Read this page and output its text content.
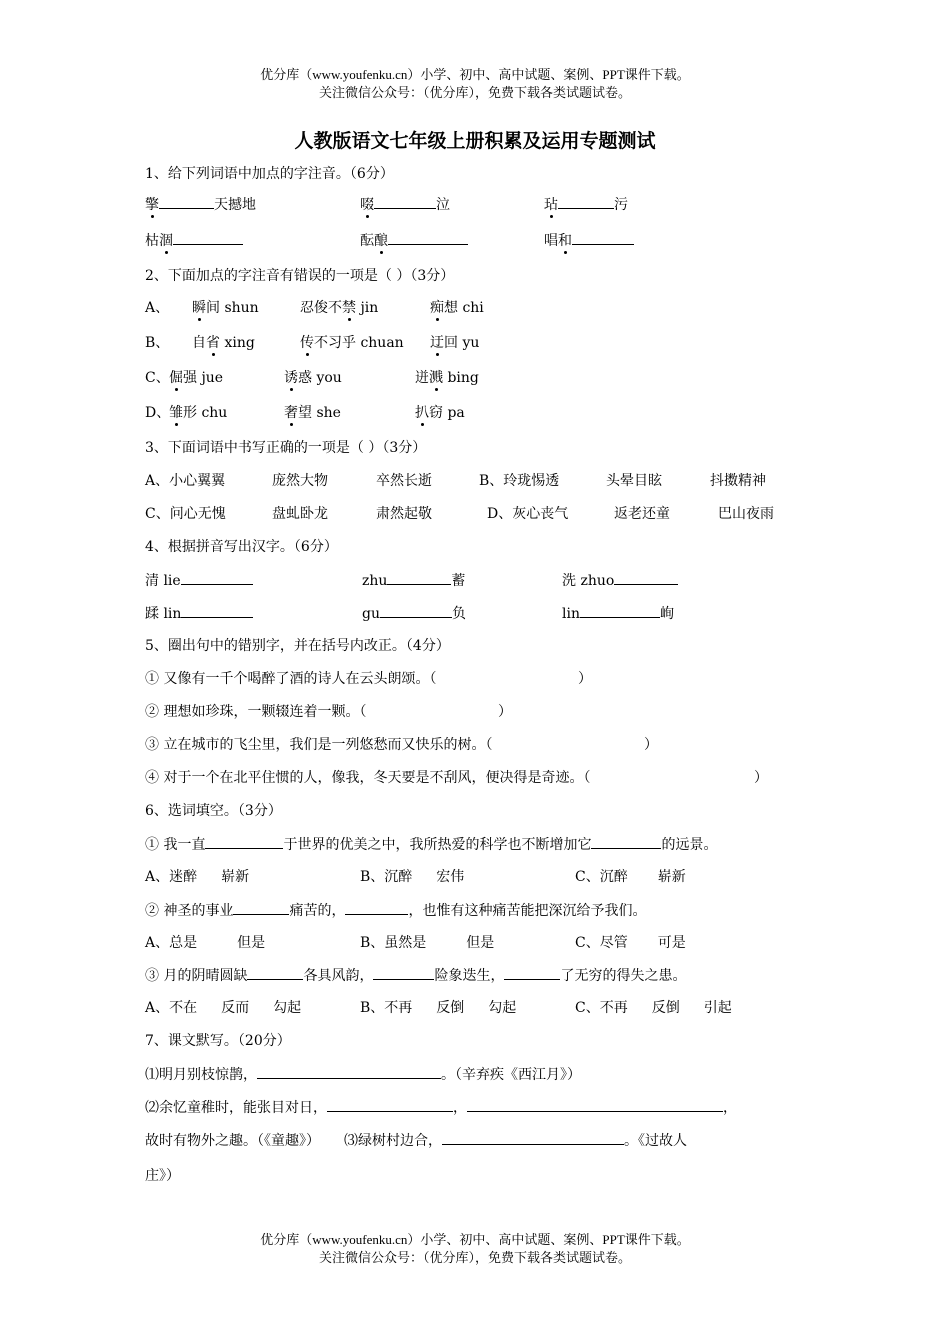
优分库（www.youfenku.cn）小学、初中、高中试题、案例、PPT课件下载。
关注微信公众号：（优分库），免费下载各类试题试卷。
人教版语文七年级上册积累及运用专题测试
1、给下列词语中加点的字注音。（6分）
擎	天撼地	啜	泣	玷	污
枯涸	酝酿	唱和
2、下面加点的字注音有错误的一项是（ ）（3分）
A、 瞬间 shun	忍俊不禁 jin	痴想 chi
B、 自省 xing	传不习乎 chuan 迂回 yu
C、 倔强 jue	诱惑 you	迸溅 bing
D、
雏形 chu	奢望 she	扒窃 pa
3、下面词语中书写正确的一项是（ ）（3分）
A、小心翼翼	庞然大物	卒然长逝	B、玲珑惕透	头晕目眩	抖擞精神
C、问心无愧	盘虬卧龙	肃然起敬	D、灰心丧气	返老还童	巴山夜雨
4、根据拼音写出汉字。（6分）
清 lie	zhu	蓄	洗 zhuo
蹂 lin	gu	负	lin	峋
5、圈出句中的错别字，并在括号内改正。（4分）
① 又像有一千个喝醉了酒的诗人在云头朗颂。（	）
② 理想如珍珠，一颗辍连着一颗。（	）
③ 立在城市的飞尘里，我们是一列悠愁而又快乐的树。（	）
④ 对于一个在北平住惯的人，像我，冬天要是不刮风，便决得是奇迹。（	）
6、选词填空。（3分）
① 我一直	于世界的优美之中，我所热爱的科学也不断增加它	的远景。
A、迷醉 崭新	B、沉醉 宏伟	C、沉醉 崭新
② 神圣的事业	痛苦的，	，也惟有这种痛苦能把深沉给予我们。
A、总是	但是	B、虽然是	但是	C、尽管 可是
③ 月的阴晴圆缺	各具风韵，	险象迭生，	了无穷的得失之患。
A、不在 反而 勾起	B、不再 反倒 勾起	C、不再 反倒 引起
7、课文默写。（20分）
⑴明月别枝惊鹊，	。（辛弃疾《西江月》）
⑵余忆童稚时，能张目对日，	，	，
故时有物外之趣。（《童趣》） ⑶绿树村边合，	。《过故人
庄》）
优分库（www.youfenku.cn）小学、初中、高中试题、案例、PPT课件下载。
关注微信公众号：（优分库），免费下载各类试题试卷。
